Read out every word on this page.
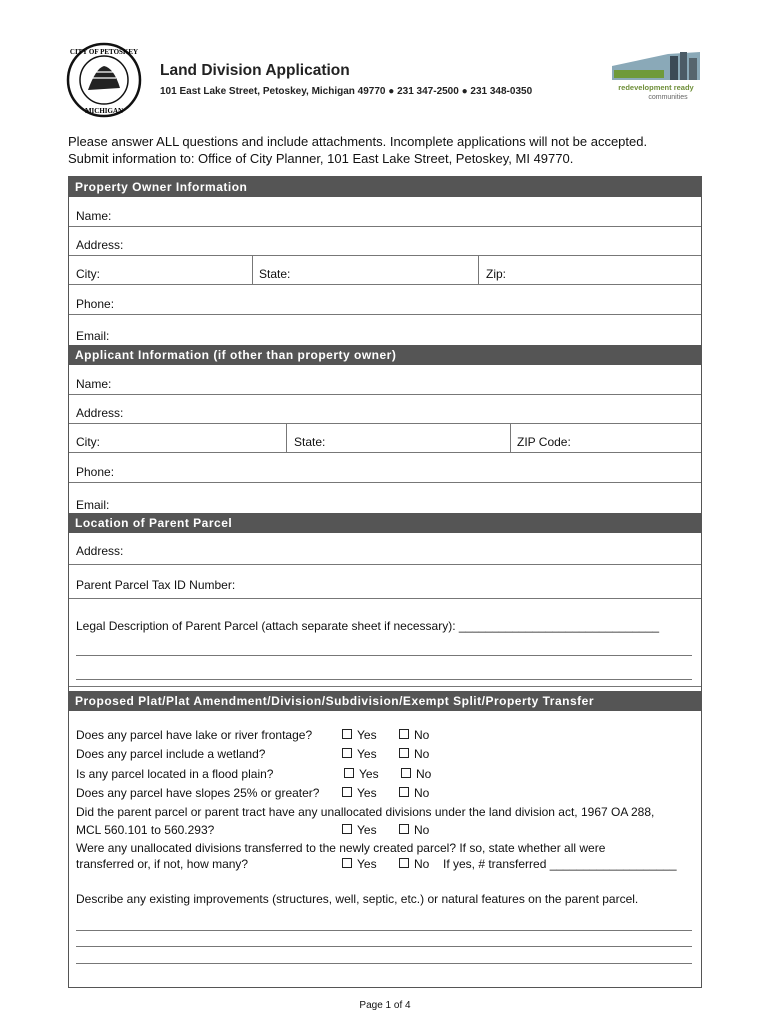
CITY OF PETOSKEY
MICHIGAN
Land Division Application
101 East Lake Street, Petoskey, Michigan 49770 ● 231 347-2500 ● 231 348-0350	redevelopment ready
communities
Please answer ALL questions and include attachments. Incomplete applications will not be accepted.
Submit information to: Office of City Planner, 101 East Lake Street, Petoskey, MI 49770.
Property Owner Information
Name:
Address:
City:	State:	Zip:
Phone:
Email:
Applicant Information (if other than property owner)
Name:
Address:
City:	State:	ZIP Code:
Phone:
Email:
Location of Parent Parcel
Address:
Parent Parcel Tax ID Number:
Legal Description of Parent Parcel (attach separate sheet if necessary): ______________________________
Proposed Plat/Plat Amendment/Division/Subdivision/Exempt Split/Property Transfer
Does any parcel have lake or river frontage?	Yes	No
Does any parcel include a wetland?	Yes	No
Is any parcel located in a flood plain?	Yes	No
Does any parcel have slopes 25% or greater?	Yes	No
Did the parent parcel or parent tract have any unallocated divisions under the land division act, 1967 OA 288,
MCL 560.101 to 560.293?	Yes	No
Were any unallocated divisions transferred to the newly created parcel? If so, state whether all were
transferred or, if not, how many?	Yes	No If yes, # transferred ___________________
Describe any existing improvements (structures, well, septic, etc.) or natural features on the parent parcel.
Page 1 of 4
